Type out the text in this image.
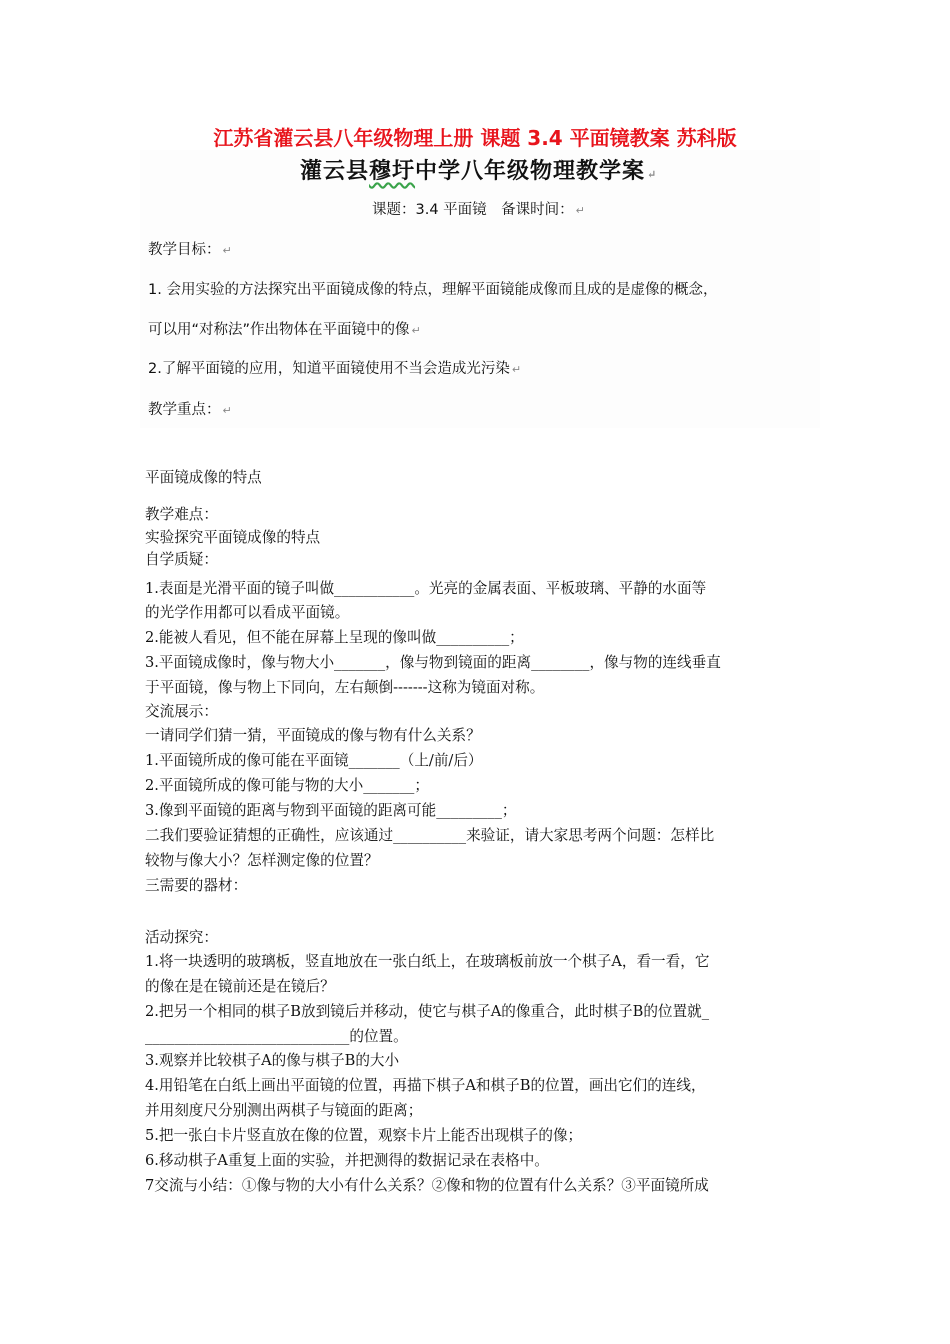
江苏省灌云县八年级物理上册 课题 3.4 平面镜教案 苏科版
灌云县穆圩中学八年级物理教学案 ↵
课题：3.4 平面镜　备课时间： ↵
教学目标： ↵
1. 会用实验的方法探究出平面镜成像的特点，理解平面镜能成像而且成的是虚像的概念，
可以用“对称法”作出物体在平面镜中的像 ↵
2.了解平面镜的应用，知道平面镜使用不当会造成光污染 ↵
教学重点： ↵
平面镜成像的特点
教学难点：
实验探究平面镜成像的特点
自学质疑：
1.表面是光滑平面的镜子叫做___________。光亮的金属表面、平板玻璃、平静的水面等
的光学作用都可以看成平面镜。
2.能被人看见，但不能在屏幕上呈现的像叫做__________；
3.平面镜成像时，像与物大小_______，像与物到镜面的距离________，像与物的连线垂直
于平面镜，像与物上下同向，左右颠倒-------这称为镜面对称。
交流展示：
一请同学们猜一猜，平面镜成的像与物有什么关系？
1.平面镜所成的像可能在平面镜_______（上/前/后）
2.平面镜所成的像可能与物的大小_______；
3.像到平面镜的距离与物到平面镜的距离可能_________；
二我们要验证猜想的正确性，应该通过__________来验证，请大家思考两个问题：怎样比
较物与像大小？怎样测定像的位置？
三需要的器材：
活动探究：
1.将一块透明的玻璃板，竖直地放在一张白纸上，在玻璃板前放一个棋子A，看一看，它
的像在是在镜前还是在镜后？
2.把另一个相同的棋子B放到镜后并移动，使它与棋子A的像重合，此时棋子B的位置就_
____________________________的位置。
3.观察并比较棋子A的像与棋子B的大小
4.用铅笔在白纸上画出平面镜的位置，再描下棋子A和棋子B的位置，画出它们的连线，
并用刻度尺分别测出两棋子与镜面的距离；
5.把一张白卡片竖直放在像的位置，观察卡片上能否出现棋子的像；
6.移动棋子A重复上面的实验，并把测得的数据记录在表格中。
7交流与小结：①像与物的大小有什么关系？②像和物的位置有什么关系？③平面镜所成
